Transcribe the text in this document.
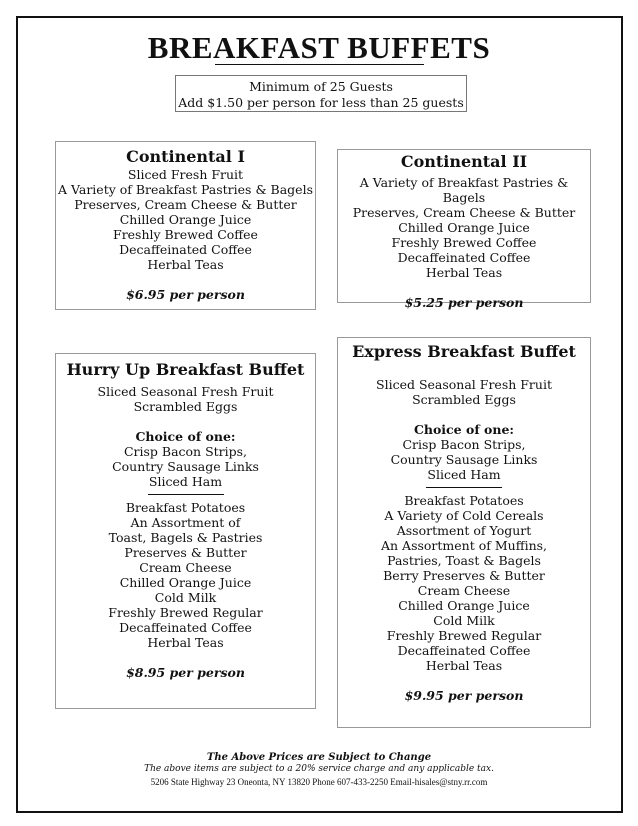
BREAKFAST BUFFETS
Minimum of 25 Guests
Add $1.50 per person for less than 25 guests
Continental I
Sliced Fresh Fruit
A Variety of Breakfast Pastries & Bagels
Preserves, Cream Cheese & Butter
Chilled Orange Juice
Freshly Brewed Coffee
Decaffeinated Coffee
Herbal Teas
$6.95 per person
Continental II
A Variety of Breakfast Pastries & Bagels
Preserves, Cream Cheese & Butter
Chilled Orange Juice
Freshly Brewed Coffee
Decaffeinated Coffee
Herbal Teas
$5.25 per person
Hurry Up Breakfast Buffet
Sliced Seasonal Fresh Fruit
Scrambled Eggs
Choice of one:
Crisp Bacon Strips,
Country Sausage Links
Sliced Ham
Breakfast Potatoes
An Assortment of
Toast, Bagels & Pastries
Preserves & Butter
Cream Cheese
Chilled Orange Juice
Cold Milk
Freshly Brewed Regular
Decaffeinated Coffee
Herbal Teas
$8.95 per person
Express Breakfast Buffet
Sliced Seasonal Fresh Fruit
Scrambled Eggs
Choice of one:
Crisp Bacon Strips,
Country Sausage Links
Sliced Ham
Breakfast Potatoes
A Variety of Cold Cereals
Assortment of Yogurt
An Assortment of Muffins,
Pastries, Toast & Bagels
Berry Preserves & Butter
Cream Cheese
Chilled Orange Juice
Cold Milk
Freshly Brewed Regular
Decaffeinated Coffee
Herbal Teas
$9.95 per person
The Above Prices are Subject to Change
The above items are subject to a 20% service charge and any applicable tax.
5206 State Highway 23 Oneonta, NY 13820 Phone 607-433-2250 Email-hisales@stny.rr.com
